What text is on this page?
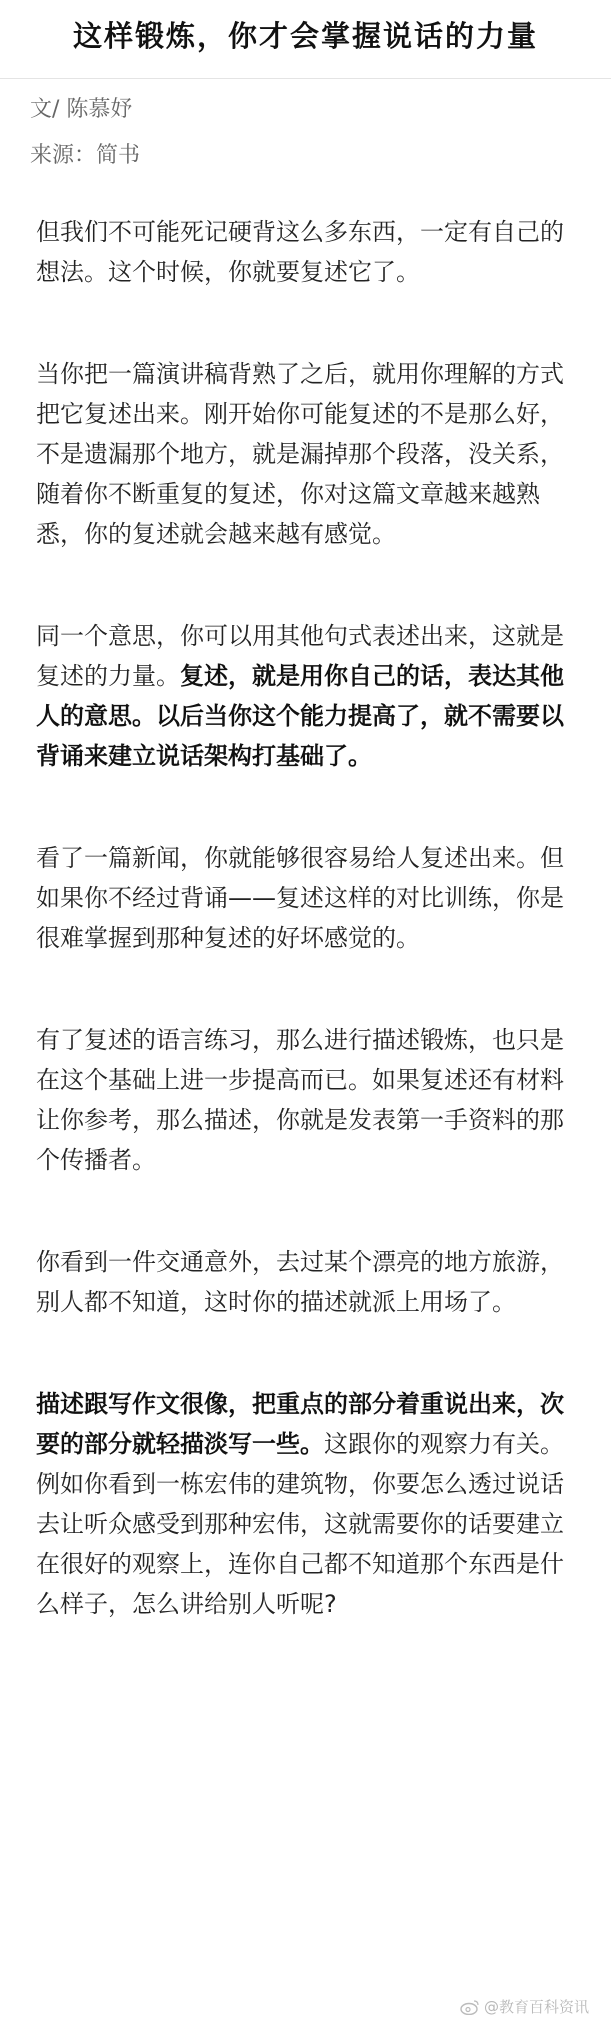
这样锻炼，你才会掌握说话的力量
文/ 陈慕妤
来源：简书

但我们不可能死记硬背这么多东西，一定有自己的想法。这个时候，你就要复述它了。

当你把一篇演讲稿背熟了之后，就用你理解的方式把它复述出来。刚开始你可能复述的不是那么好，不是遗漏那个地方，就是漏掉那个段落，没关系，随着你不断重复的复述，你对这篇文章越来越熟悉，你的复述就会越来越有感觉。

同一个意思，你可以用其他句式表述出来，这就是复述的力量。复述，就是用你自己的话，表达其他人的意思。以后当你这个能力提高了，就不需要以背诵来建立说话架构打基础了。

看了一篇新闻，你就能够很容易给人复述出来。但如果你不经过背诵——复述这样的对比训练，你是很难掌握到那种复述的好坏感觉的。

有了复述的语言练习，那么进行描述锻炼，也只是在这个基础上进一步提高而已。如果复述还有材料让你参考，那么描述，你就是发表第一手资料的那个传播者。

你看到一件交通意外，去过某个漂亮的地方旅游，别人都不知道，这时你的描述就派上用场了。

描述跟写作文很像，把重点的部分着重说出来，次要的部分就轻描淡写一些。这跟你的观察力有关。例如你看到一栋宏伟的建筑物，你要怎么透过说话去让听众感受到那种宏伟，这就需要你的话要建立在很好的观察上，连你自己都不知道那个东西是什么样子，怎么讲给别人听呢?

@教育百科资讯
